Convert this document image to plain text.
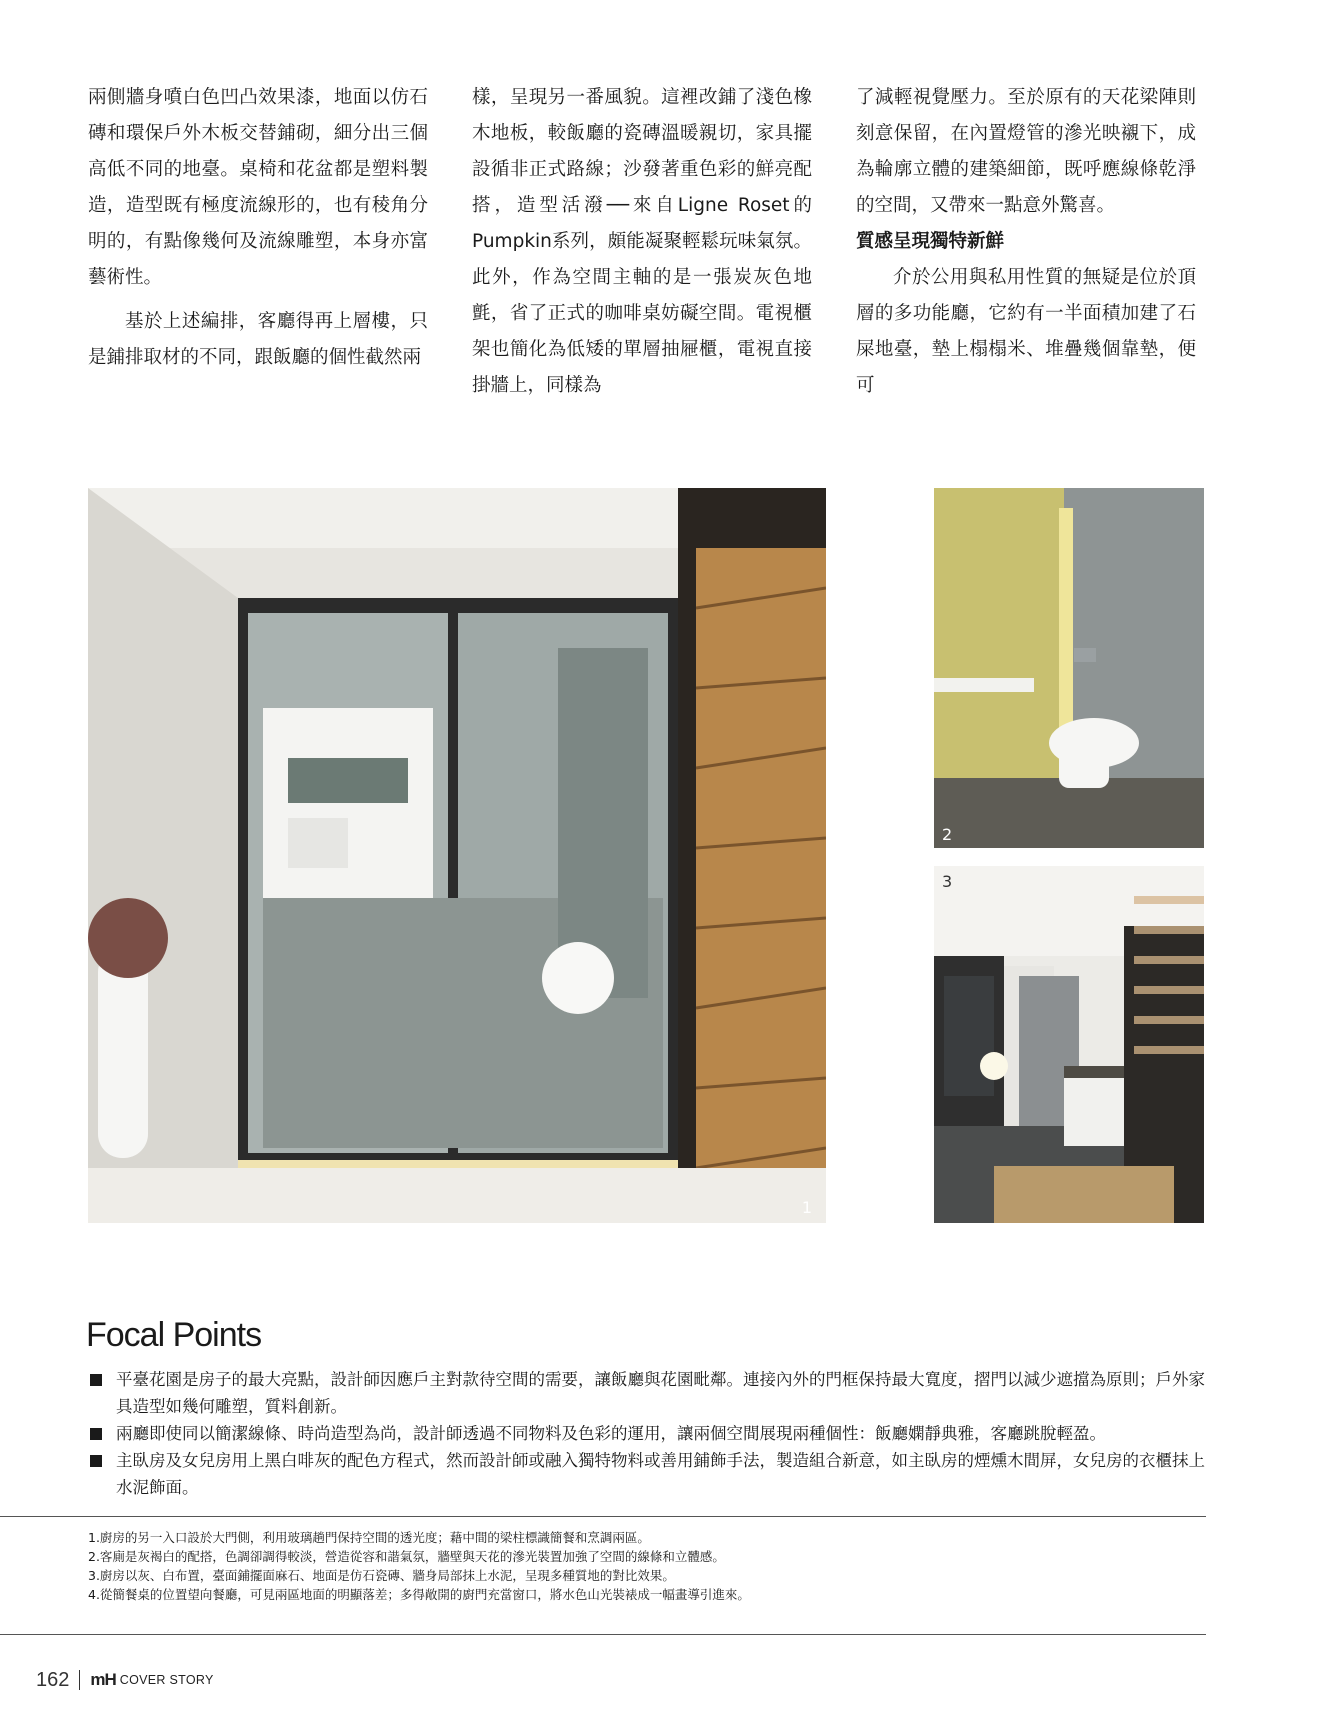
兩側牆身噴白色凹凸效果漆，地面以仿石磚和環保戶外木板交替鋪砌，細分出三個高低不同的地臺。桌椅和花盆都是塑料製造，造型既有極度流線形的，也有稜角分明的，有點像幾何及流線雕塑，本身亦富藝術性。

基於上述編排，客廳得再上層樓，只是鋪排取材的不同，跟飯廳的個性截然兩

樣，呈現另一番風貌。這裡改鋪了淺色橡木地板，較飯廳的瓷磚溫暖親切，家具擺設循非正式路線；沙發著重色彩的鮮亮配搭，造型活潑──來自Ligne Roset的Pumpkin系列，頗能凝聚輕鬆玩味氣氛。此外，作為空間主軸的是一張炭灰色地氈，省了正式的咖啡桌妨礙空間。電視櫃架也簡化為低矮的單層抽屜櫃，電視直接掛牆上，同樣為

了減輕視覺壓力。至於原有的天花梁陣則刻意保留，在內置燈管的滲光映襯下，成為輪廓立體的建築細節，既呼應線條乾淨的空間，又帶來一點意外驚喜。

質感呈現獨特新鮮

介於公用與私用性質的無疑是位於頂層的多功能廳，它約有一半面積加建了石屎地臺，墊上榻榻米、堆疊幾個靠墊，便可

1
2
3
Focal Points
平臺花園是房子的最大亮點，設計師因應戶主對款待空間的需要，讓飯廳與花園毗鄰。連接內外的門框保持最大寬度，摺門以減少遮擋為原則；戶外家具造型如幾何雕塑，質料創新。
兩廳即使同以簡潔線條、時尚造型為尚，設計師透過不同物料及色彩的運用，讓兩個空間展現兩種個性：飯廳嫻靜典雅，客廳跳脫輕盈。
主臥房及女兒房用上黑白啡灰的配色方程式，然而設計師或融入獨特物料或善用鋪飾手法，製造組合新意，如主臥房的煙燻木間屏，女兒房的衣櫃抹上水泥飾面。
1.廚房的另一入口設於大門側，利用玻璃趟門保持空間的透光度；藉中間的梁柱標識簡餐和烹調兩區。
2.客廁是灰褐白的配搭，色調卻調得較淡，營造從容和諧氣氛，牆壁與天花的滲光裝置加強了空間的線條和立體感。
3.廚房以灰、白布置，臺面鋪擺面麻石、地面是仿石瓷磚、牆身局部抹上水泥，呈現多種質地的對比效果。
4.從簡餐桌的位置望向餐廳，可見兩區地面的明顯落差；多得敞開的廚門充當窗口，將水色山光裝裱成一幅畫導引進來。
162 mH COVER STORY
